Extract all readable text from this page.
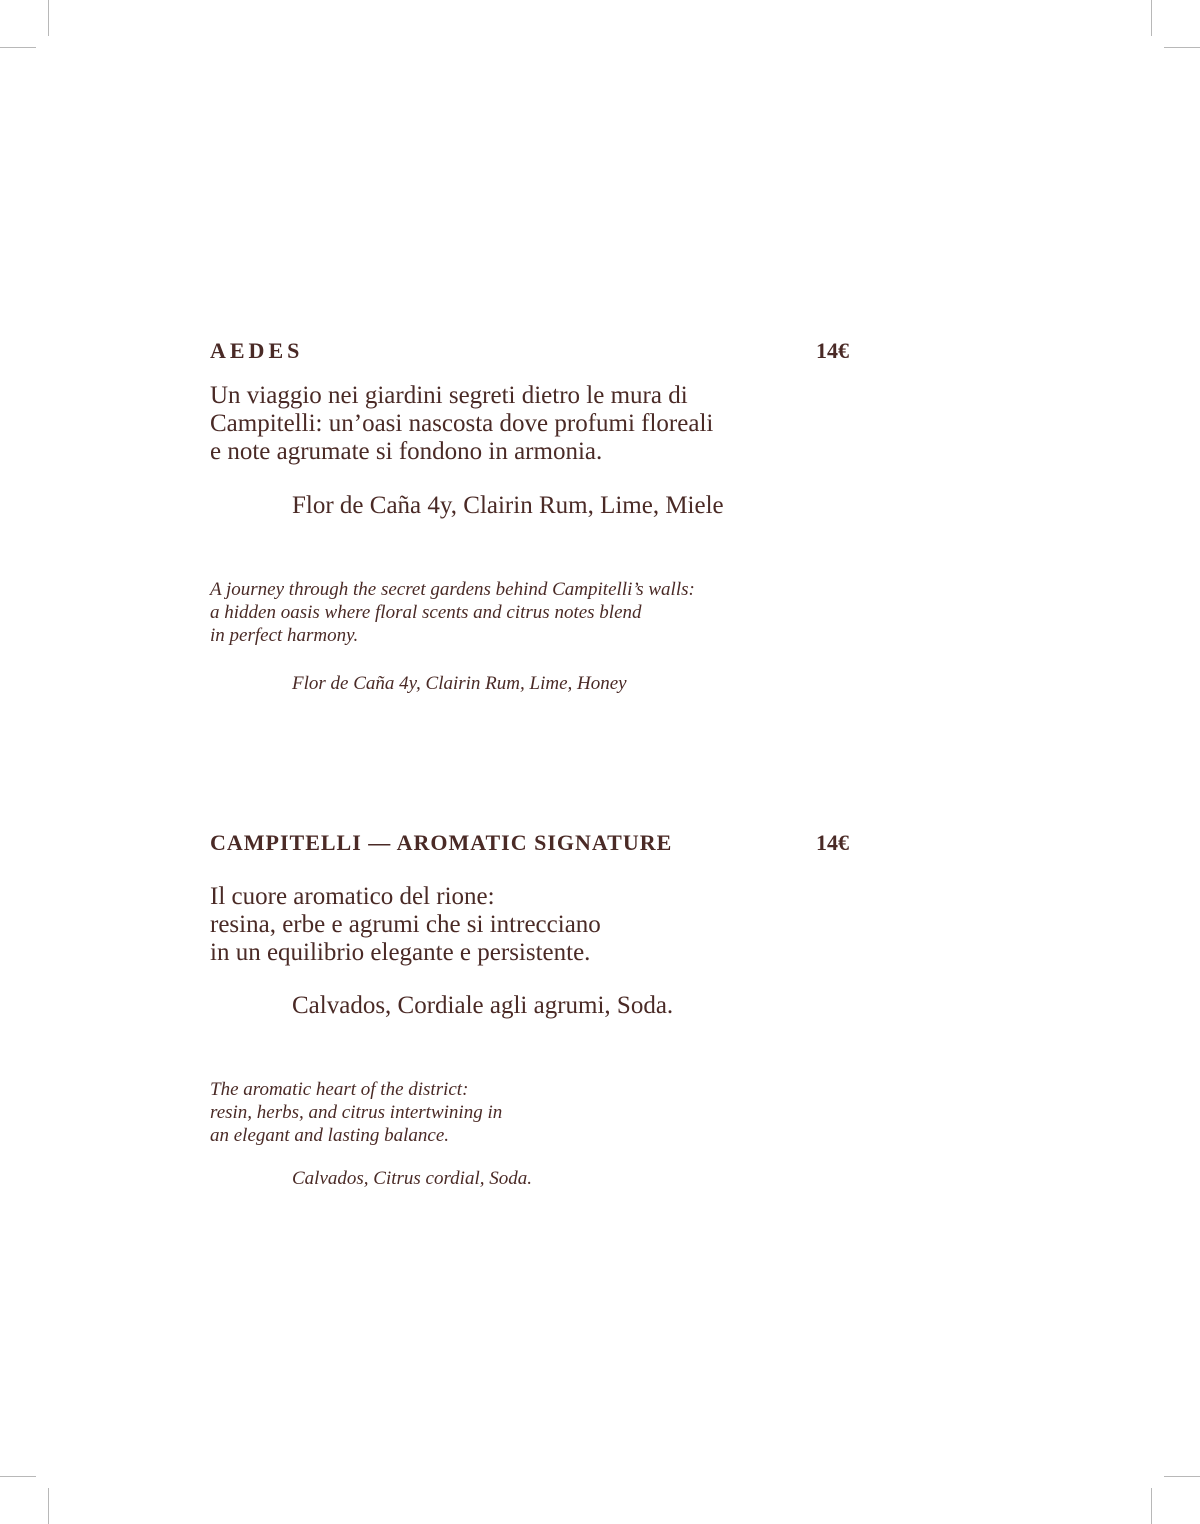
AEDES	14€
Un viaggio nei giardini segreti dietro le mura di
Campitelli: un’oasi nascosta dove profumi floreali
e note agrumate si fondono in armonia.
Flor de Caña 4y, Clairin Rum, Lime, Miele
A journey through the secret gardens behind Campitelli’s walls:
a hidden oasis where floral scents and citrus notes blend
in perfect harmony.
Flor de Caña 4y, Clairin Rum, Lime, Honey
CAMPITELLI — AROMATIC SIGNATURE	14€
Il cuore aromatico del rione:
resina, erbe e agrumi che si intrecciano
in un equilibrio elegante e persistente.
Calvados, Cordiale agli agrumi, Soda.
The aromatic heart of the district:
resin, herbs, and citrus intertwining in
an elegant and lasting balance.
Calvados, Citrus cordial, Soda.
